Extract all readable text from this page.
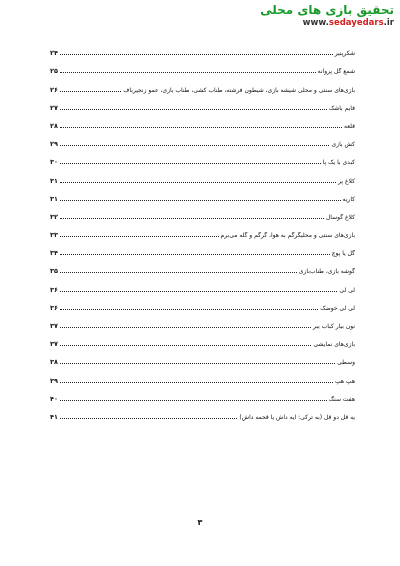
تحقیق بازی های محلی
www.sedayedars.ir
۲۴	شکرپنیر
۲۵	شمع گل پروانه
۲۶	بازی‌های سنتی و محلی شیشه بازی، شیطون فرشته، طناب کشی، طناب بازی، عمو زنجیرباف
۲۷	قایم باشک
۲۸	قلعه
۲۹	کش بازی
۳۰	کبدی با یک پا
۳۱	کلاغ پر
۳۱	کاریه
۳۲	کلاغ گوسال
۳۳	بازی‌های سنتی و محلیگرگم به هوا، گرگم و گله می‌برم
۳۴	گل یا پوچ
۳۵	گوشه بازی، طناب‌بازی
۳۶	لی لی
۳۶	لی لی حوضک
۳۷	نون بیار کباب ببر
۳۷	بازی‌های نمایشی
۳۸	وسطی
۳۹	هپ هپ
۴۰	هفت سنگ
۴۱	یه قل دو قل (به ترکی: ایه داش یا قحمه داش)
۳
